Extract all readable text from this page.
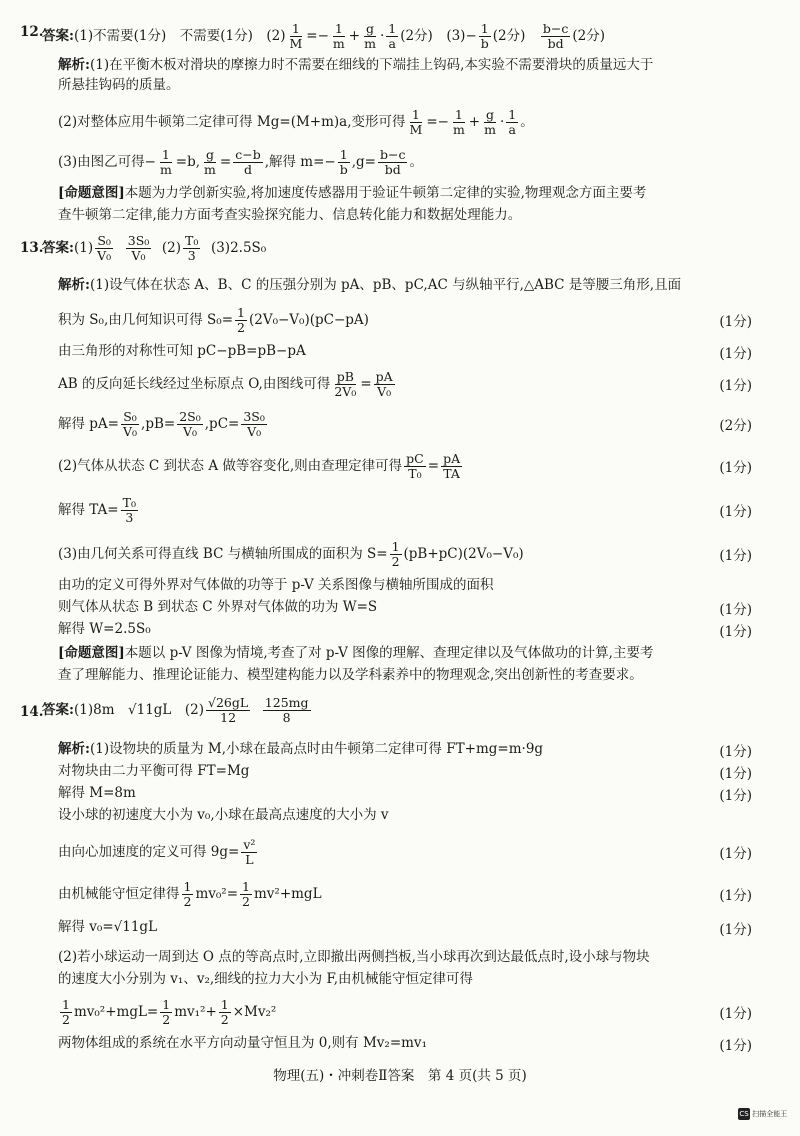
12.
答案:(1)不需要(1分)　不需要(1分)　$(2) \frac{1}{M} =- \frac{1}{m} + \frac{g}{m} \cdot \frac{1}{a} (2$分)　$(3)- \frac{1}{b} (2$分)　 $\frac{b-c}{bd} (2$分)
解析:(1)在平衡木板对滑块的摩擦力时不需要在细线的下端挂上钩码,本实验不需要滑块的质量远大于
所悬挂钩码的质量。
(2)对整体应用牛顿第二定律可得 Mg=(M+m)a,变形可得 $\frac{1}{M} =- \frac{1}{m} + \frac{g}{m} \cdot \frac{1}{a}$ 。
(3)由图乙可得− $\frac{1}{m} =b$, $\frac{g}{m} = \frac{c-b}{d}$ ,解得 $m=- \frac{1}{b} ,g= \frac{b-c}{bd}$ 。
[命题意图]本题为力学创新实验,将加速度传感器用于验证牛顿第二定律的实验,物理观念方面主要考
查牛顿第二定律,能力方面考查实验探究能力、信息转化能力和数据处理能力。
13.
答案:(1) $\frac{\text{S₀}}{\text{V₀}}$
$\frac{\text{3S₀}}{\text{V₀}} (2) \frac{\text{T₀}}{3} (3)2.5S_0$
解析:(1)设气体在状态 A、B、C 的压强分别为 pA、pB、pC,AC 与纵轴平行,△ABC 是等腰三角形,且面
积为 S₀,由几何知识可得 $S_0= \frac{1}{2} (2V_0-V_0)(pC-pA)$	(1分)
由三角形的对称性可知 pC−pB=pB−pA	(1分)
AB 的反向延长线经过坐标原点 O,由图线可得 $\frac{pB}{\text{2V₀}} = \frac{pA}{\text{V₀}}$	(1分)
解得 $pA= \frac{\text{S₀}}{\text{V₀}} ,pB= \frac{\text{2S₀}}{\text{V₀}} ,pC= \frac{\text{3S₀}}{\text{V₀}}$	(2分)
(2)气体从状态 C 到状态 A 做等容变化,则由查理定律可得 $\frac{pC}{\text{T₀}} = \frac{pA}{TA}$	(1分)
解得 $TA= \frac{\text{T₀}}{3}$	(1分)
(3)由几何关系可得直线 BC 与横轴所围成的面积为 $S= \frac{1}{2} (pB+pC)(2V_0-V_0)$	(1分)
由功的定义可得外界对气体做的功等于 p-V 关系图像与横轴所围成的面积
则气体从状态 B 到状态 C 外界对气体做的功为 W=S	(1分)
解得 W=2.5S₀	(1分)
[命题意图]本题以 p-V 图像为情境,考查了对 p-V 图像的理解、查理定律以及气体做功的计算,主要考
查了理解能力、推理论证能力、模型建构能力以及学科素养中的物理观念,突出创新性的考查要求。
14.
答案:(1)8m　√11gL　$(2) \frac{√26gL}{12}$
$\frac{125mg}{8}$
解析:(1)设物块的质量为 M,小球在最高点时由牛顿第二定律可得 FT+mg=m·9g	(1分)
对物块由二力平衡可得 FT=Mg	(1分)
解得 M=8m	(1分)
设小球的初速度大小为 v₀,小球在最高点速度的大小为 v
由向心加速度的定义可得 $9g= \frac{\text{v²}}{L}$	(1分)
由机械能守恒定律得 $\frac{1}{2} mv_0^2= \frac{1}{2} mv^2+mgL$	(1分)
解得 v₀=√11gL	(1分)
(2)若小球运动一周到达 O 点的等高点时,立即撤出两侧挡板,当小球再次到达最低点时,设小球与物块
的速度大小分别为 v₁、v₂,细线的拉力大小为 F,由机械能守恒定律可得
$\frac{1}{2} mv_0^2+mgL= \frac{1}{2} mv_1^2+ \frac{1}{2} \times Mv_2^2$	(1分)
两物体组成的系统在水平方向动量守恒且为 0,则有 Mv₂=mv₁	(1分)
物理(五)・冲刺卷Ⅱ答案　第 4 页(共 5 页)
CS 扫描全能王
